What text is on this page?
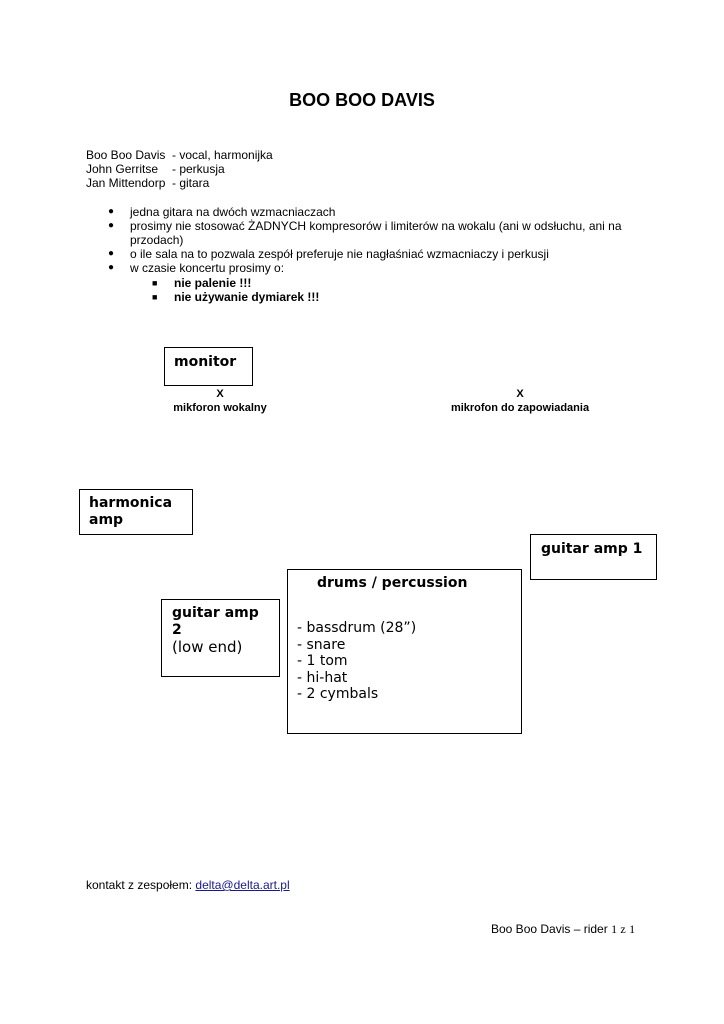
BOO BOO DAVIS
Boo Boo Davis - vocal, harmonijka
John Gerritse	- perkusja
Jan Mittendorp - gitara
●	jedna gitara na dwóch wzmacniaczach
●	prosimy nie stosować ŻADNYCH kompresorów i limiterów na wokalu (ani w odsłuchu, ani na przodach)
●	o ile sala na to pozwala zespół preferuje nie nagłaśniać wzmacniaczy i perkusji
●	w czasie koncertu prosimy o:
■	nie palenie !!!
■	nie używanie dymiarek !!!
monitor
X
mikforon wokalny
X
mikrofon do zapowiadania
harmonica
amp
guitar amp 1
guitar amp 2
(low end)
drums / percussion
- bassdrum (28”)
- snare
- 1 tom
- hi-hat
- 2 cymbals
kontakt z zespołem: delta@delta.art.pl
Boo Boo Davis – rider 1 z 1
